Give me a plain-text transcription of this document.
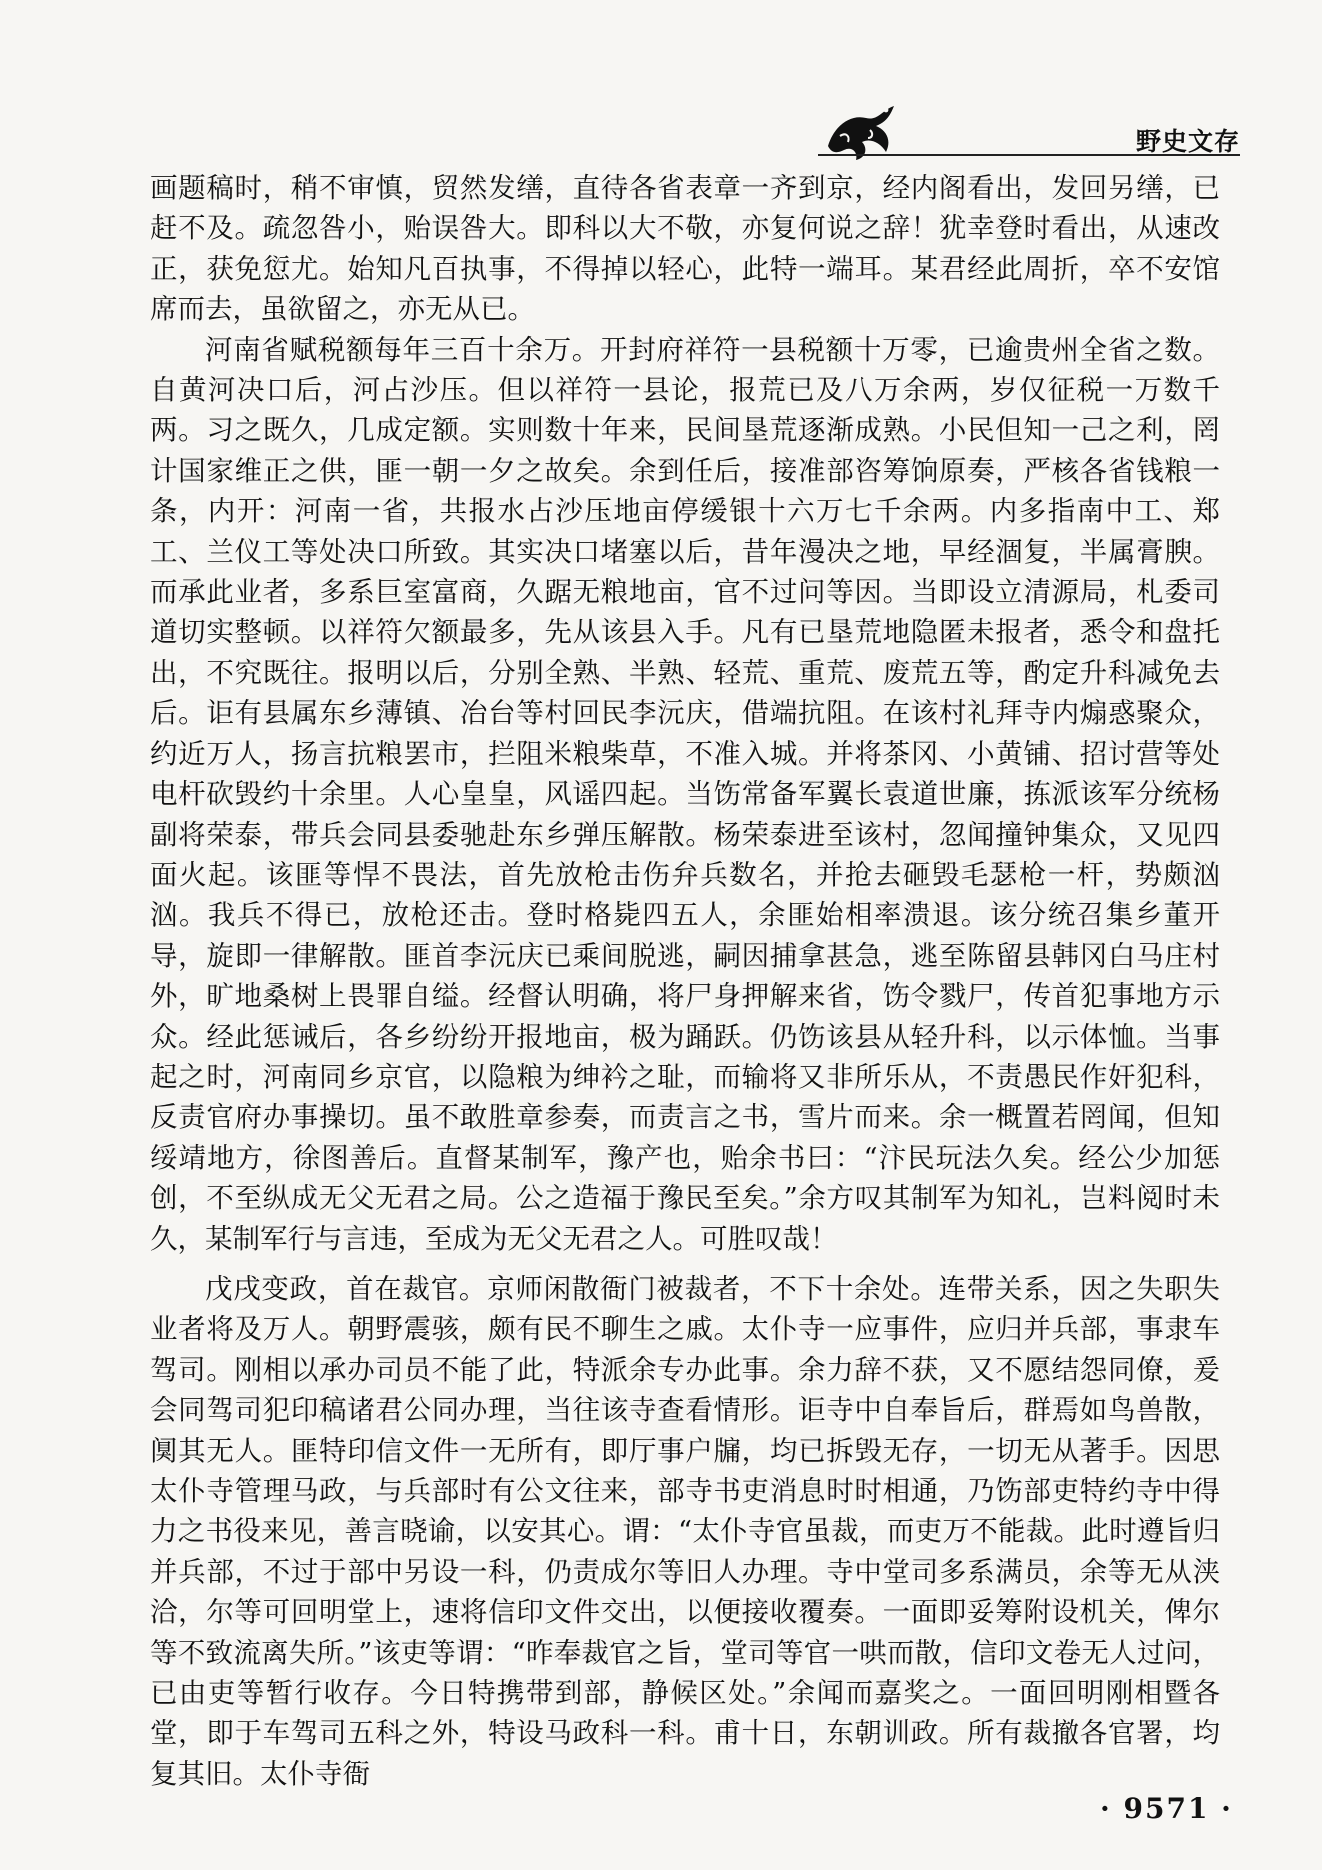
野史文存

画题稿时，稍不审慎，贸然发缮，直待各省表章一齐到京，经内阁看出，发回另缮，已赶不及。疏忽咎小，贻误咎大。即科以大不敬，亦复何说之辞！犹幸登时看出，从速改正，获免愆尤。始知凡百执事，不得掉以轻心，此特一端耳。某君经此周折，卒不安馆席而去，虽欲留之，亦无从已。

河南省赋税额每年三百十余万。开封府祥符一县税额十万零，已逾贵州全省之数。自黄河决口后，河占沙压。但以祥符一县论，报荒已及八万余两，岁仅征税一万数千两。习之既久，几成定额。实则数十年来，民间垦荒逐渐成熟。小民但知一己之利，罔计国家维正之供，匪一朝一夕之故矣。余到任后，接准部咨筹饷原奏，严核各省钱粮一条，内开：河南一省，共报水占沙压地亩停缓银十六万七千余两。内多指南中工、郑工、兰仪工等处决口所致。其实决口堵塞以后，昔年漫决之地，早经涸复，半属膏腴。而承此业者，多系巨室富商，久踞无粮地亩，官不过问等因。当即设立清源局，札委司道切实整顿。以祥符欠额最多，先从该县入手。凡有已垦荒地隐匿未报者，悉令和盘托出，不究既往。报明以后，分别全熟、半熟、轻荒、重荒、废荒五等，酌定升科减免去后。讵有县属东乡薄镇、冶台等村回民李沅庆，借端抗阻。在该村礼拜寺内煽惑聚众，约近万人，扬言抗粮罢市，拦阻米粮柴草，不准入城。并将茶冈、小黄铺、招讨营等处电杆砍毁约十余里。人心皇皇，风谣四起。当饬常备军翼长袁道世廉，拣派该军分统杨副将荣泰，带兵会同县委驰赴东乡弹压解散。杨荣泰进至该村，忽闻撞钟集众，又见四面火起。该匪等悍不畏法，首先放枪击伤弁兵数名，并抢去砸毁毛瑟枪一杆，势颇汹汹。我兵不得已，放枪还击。登时格毙四五人，余匪始相率溃退。该分统召集乡董开导，旋即一律解散。匪首李沅庆已乘间脱逃，嗣因捕拿甚急，逃至陈留县韩冈白马庄村外，旷地桑树上畏罪自缢。经督认明确，将尸身押解来省，饬令戮尸，传首犯事地方示众。经此惩诫后，各乡纷纷开报地亩，极为踊跃。仍饬该县从轻升科，以示体恤。当事起之时，河南同乡京官，以隐粮为绅衿之耻，而输将又非所乐从，不责愚民作奸犯科，反责官府办事操切。虽不敢胜章参奏，而责言之书，雪片而来。余一概置若罔闻，但知绥靖地方，徐图善后。直督某制军，豫产也，贻余书曰：“汴民玩法久矣。经公少加惩创，不至纵成无父无君之局。公之造福于豫民至矣。”余方叹其制军为知礼，岂料阅时未久，某制军行与言违，至成为无父无君之人。可胜叹哉！

戊戌变政，首在裁官。京师闲散衙门被裁者，不下十余处。连带关系，因之失职失业者将及万人。朝野震骇，颇有民不聊生之戚。太仆寺一应事件，应归并兵部，事隶车驾司。刚相以承办司员不能了此，特派余专办此事。余力辞不获，又不愿结怨同僚，爰会同驾司犯印稿诸君公同办理，当往该寺查看情形。讵寺中自奉旨后，群焉如鸟兽散，阒其无人。匪特印信文件一无所有，即厅事户牖，均已拆毁无存，一切无从著手。因思太仆寺管理马政，与兵部时有公文往来，部寺书吏消息时时相通，乃饬部吏特约寺中得力之书役来见，善言晓谕，以安其心。谓：“太仆寺官虽裁，而吏万不能裁。此时遵旨归并兵部，不过于部中另设一科，仍责成尔等旧人办理。寺中堂司多系满员，余等无从浃洽，尔等可回明堂上，速将信印文件交出，以便接收覆奏。一面即妥筹附设机关，俾尔等不致流离失所。”该吏等谓：“昨奉裁官之旨，堂司等官一哄而散，信印文卷无人过问，已由吏等暂行收存。今日特携带到部，静候区处。”余闻而嘉奖之。一面回明刚相暨各堂，即于车驾司五科之外，特设马政科一科。甫十日，东朝训政。所有裁撤各官署，均复其旧。太仆寺衙

· 9571 ·
